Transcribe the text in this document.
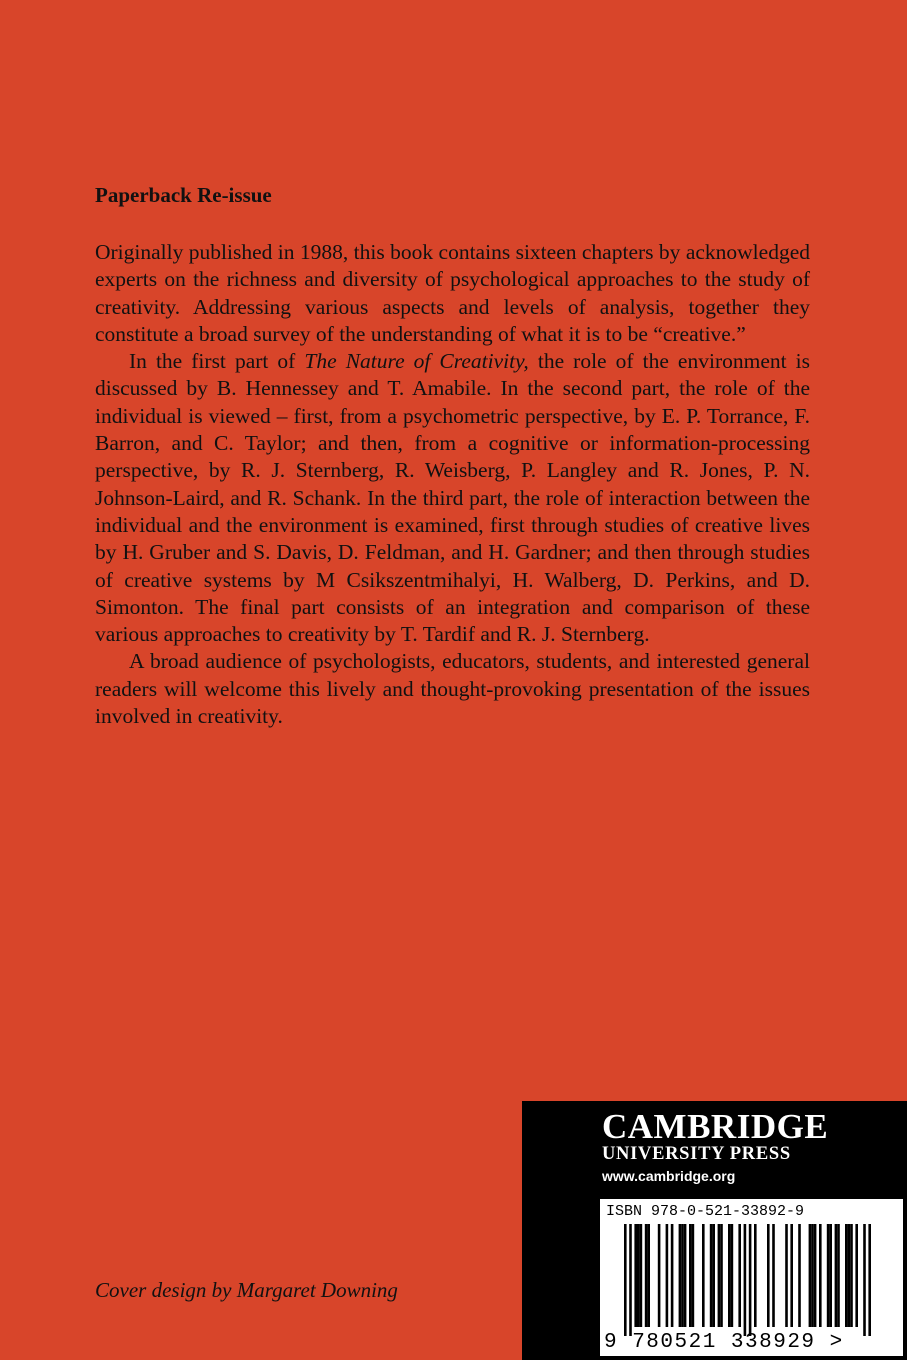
Paperback Re-issue

Originally published in 1988, this book contains sixteen chapters by acknowledged experts on the richness and diversity of psychological approaches to the study of creativity. Addressing various aspects and levels of analysis, together they constitute a broad survey of the understanding of what it is to be “creative.”

In the first part of The Nature of Creativity, the role of the environment is discussed by B. Hennessey and T. Amabile. In the second part, the role of the individual is viewed – first, from a psychometric perspective, by E. P. Torrance, F. Barron, and C. Taylor; and then, from a cognitive or information-processing perspective, by R. J. Sternberg, R. Weisberg, P. Langley and R. Jones, P. N. Johnson-Laird, and R. Schank. In the third part, the role of interaction between the individual and the environment is examined, first through studies of creative lives by H. Gruber and S. Davis, D. Feldman, and H. Gardner; and then through studies of creative systems by M Csikszentmihalyi, H. Walberg, D. Perkins, and D. Simonton. The final part consists of an integration and comparison of these various approaches to creativity by T. Tardif and R. J. Sternberg.

A broad audience of psychologists, educators, students, and interested general readers will welcome this lively and thought-provoking presentation of the issues involved in creativity.

Cover design by Margaret Downing
CAMBRIDGE
UNIVERSITY PRESS
www.cambridge.org
ISBN 978-0-521-33892-9
9 780521 338929 >
